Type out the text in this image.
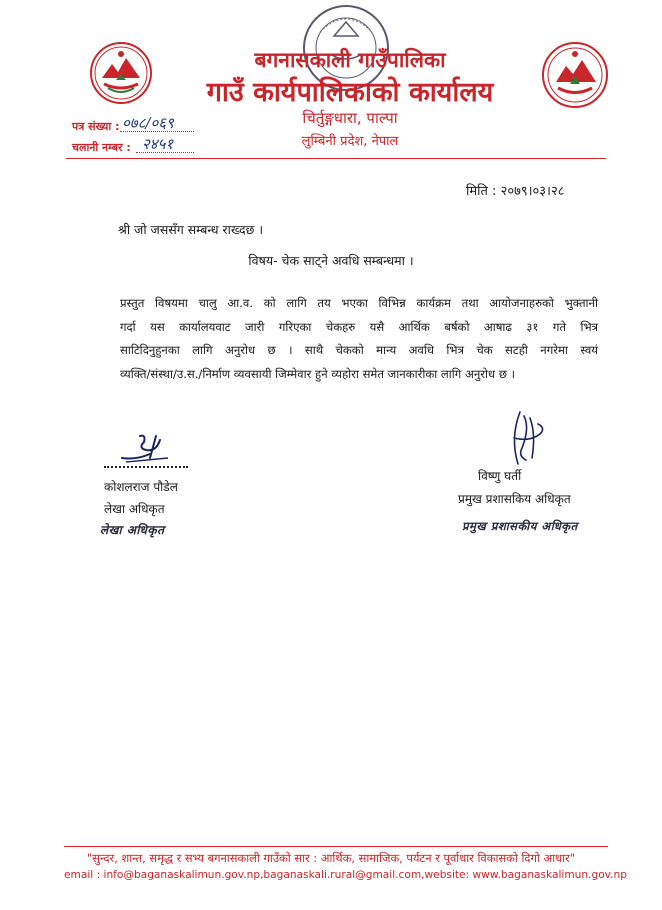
बगनासकाली गाउँपालिका
गाउँ कार्यपालिकाको कार्यालय
चिर्तुङ्गधारा, पाल्पा
लुम्बिनी प्रदेश, नेपाल
पत्र संख्या : ०७८/०६९
चलानी नम्बर : २४५१
मिति : २०७९।०३।२८
श्री जो जससँग सम्बन्ध राख्दछ ।
विषय- चेक साट्ने अवधि सम्बन्धमा ।
प्रस्तुत विषयमा चालु आ.व. को लागि तय भएका विभिन्न कार्यक्रम तथा आयोजनाहरुको भुक्तानी
गर्दा यस कार्यालयवाट जारी गरिएका चेकहरु यसै आर्थिक बर्षको आषाढ ३१ गते भित्र
साटिदिनुहुनका लागि अनुरोध छ । साथै चेकको मान्य अवधि भित्र चेक सटही नगरेमा स्वयं
व्यक्ति/संस्था/उ.स./निर्माण व्यवसायी जिम्मेवार हुने व्यहोरा समेत जानकारीका लागि अनुरोध छ ।
कोशलराज पौडेल
लेखा अधिकृत
लेखा अधिकृत
विष्णु घर्ती
प्रमुख प्रशासकिय अधिकृत
प्रमुख प्रशासकीय अधिकृत
"सुन्दर, शान्त, समृद्ध र सभ्य बगनासकाली गाउँको सार : आर्थिक, सामाजिक, पर्यटन र पूर्वाधार विकासको दिगो आधार"
email : info@baganaskalimun.gov.np, baganaskali.rural@gmail.com, website: www.baganaskalimun.gov.np
